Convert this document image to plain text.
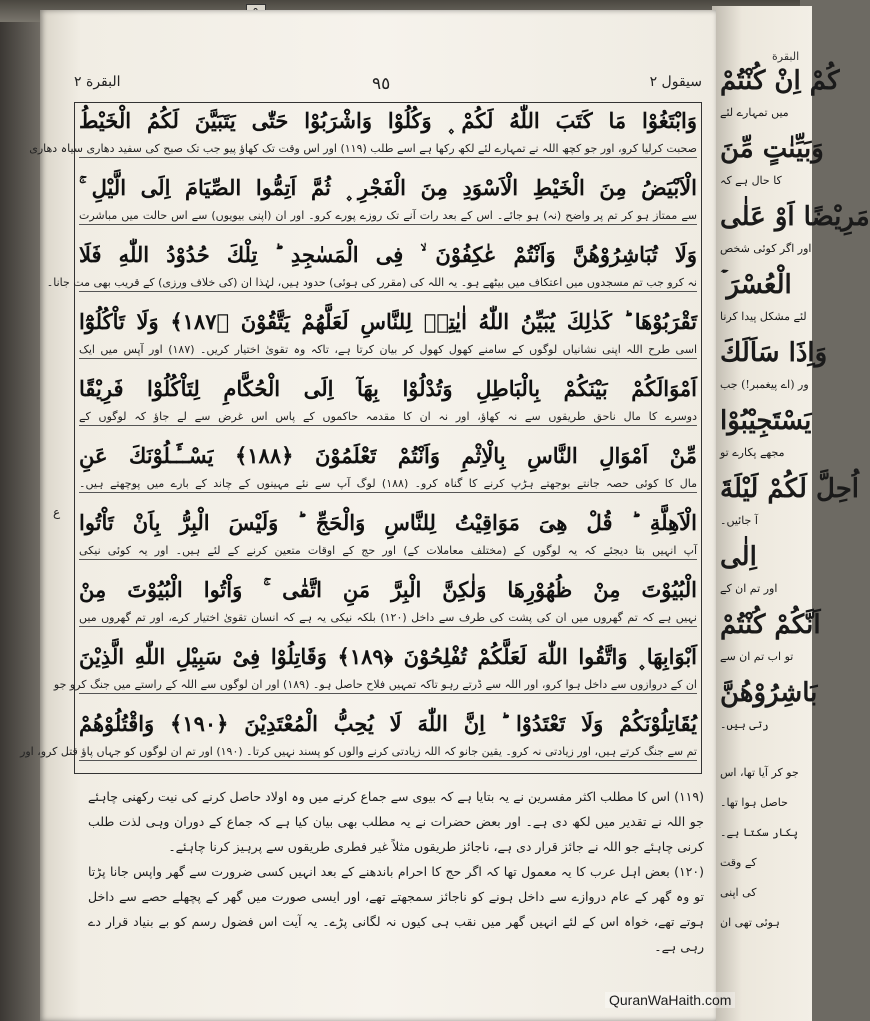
البقرة
كُمْ اِنْ كُنْتُمْ
میں تمہارے لئے
وَبَيِّنٰتٍ مِّنَ
کا حال ہے کہ
مَرِيْضًا اَوْ عَلٰى
اور اگر کوئی شخص
الْعُسْرَ ۡ
لئے مشکل پیدا کرنا
وَاِذَا سَاَلَكَ
ور (اے پیغمبر!) جب
يَسْتَجِيْبُوْا
مجھے پکارے تو
اُحِلَّ لَكُمْ لَيْلَةَ
آ جائیں۔
اِلٰى
اور تم ان کے
اَنَّكُمْ كُنْتُمْ
تو اب تم ان سے
بَاشِرُوْهُنَّ
رتی ہیں۔
جو کر آیا تھا، اس
حاصل ہوا تھا۔
پکار سکتا ہے۔
کے وقت
کی اپنی
ہوئی تھی ان
البقرة ٢	٩٥	سیقول ٢
وَابْتَغُوْا مَا كَتَبَ اللّٰهُ لَكُمْ ۪ وَكُلُوْا وَاشْرَبُوْا حَتّٰى يَتَبَيَّنَ لَكُمُ الْخَيْطُ
صحبت کرلیا کرو، اور جو کچھ اللہ نے تمہارے لئے لکھ رکھا ہے اسے طلب (۱۱۹) اور اس وقت تک کھاؤ پیو جب تک صبح کی سفید دھاری سیاہ دھاری
الْاَبْيَضُ مِنَ الْخَيْطِ الْاَسْوَدِ مِنَ الْفَجْرِ ۪ ثُمَّ اَتِمُّوا الصِّيَامَ اِلَى الَّيْلِ ۚ
سے ممتاز ہو کر تم پر واضح (نہ) ہو جائے۔ اس کے بعد رات آنے تک روزے پورے کرو۔ اور ان (اپنی بیویوں) سے اس حالت میں مباشرت
وَلَا تُبَاشِرُوْهُنَّ وَاَنْتُمْ عٰكِفُوْنَ ۙ فِى الْمَسٰجِدِ ؕ تِلْكَ حُدُوْدُ اللّٰهِ فَلَا
نہ کرو جب تم مسجدوں میں اعتکاف میں بیٹھے ہو۔ یہ اللہ کی (مقرر کی ہوئی) حدود ہیں، لہٰذا ان (کی خلاف ورزی) کے قریب بھی مت جانا۔
تَقْرَبُوْهَا ؕ كَذٰلِكَ يُبَيِّنُ اللّٰهُ اٰيٰتِهٖ لِلنَّاسِ لَعَلَّهُمْ يَتَّقُوْنَ ﴿۱۸۷﴾ وَلَا تَاْكُلُوْٓا
اسی طرح اللہ اپنی نشانیاں لوگوں کے سامنے کھول کھول کر بیان کرتا ہے، تاکہ وہ تقویٰ اختیار کریں۔ (۱۸۷) اور آپس میں ایک
اَمْوَالَكُمْ بَيْنَكُمْ بِالْبَاطِلِ وَتُدْلُوْا بِهَآ اِلَى الْحُكَّامِ لِتَاْكُلُوْا فَرِيْقًا
دوسرے کا مال ناحق طریقوں سے نہ کھاؤ، اور نہ ان کا مقدمہ حاکموں کے پاس اس غرض سے لے جاؤ کہ لوگوں کے
مِّنْ اَمْوَالِ النَّاسِ بِالْاِثْمِ وَاَنْتُمْ تَعْلَمُوْنَ ﴿۱۸۸﴾ يَسْــَٔـلُوْنَكَ عَنِ
مال کا کوئی حصہ جانتے بوجھتے ہڑپ کرنے کا گناہ کرو۔ (۱۸۸) لوگ آپ سے نئے مہینوں کے چاند کے بارے میں پوچھتے ہیں۔
الْاَهِلَّةِ ؕ قُلْ هِىَ مَوَاقِيْتُ لِلنَّاسِ وَالْحَجِّ ؕ وَلَيْسَ الْبِرُّ بِاَنْ تَاْتُوا
آپ انہیں بتا دیجئے کہ یہ لوگوں کے (مختلف معاملات کے) اور حج کے اوقات متعین کرنے کے لئے ہیں۔ اور یہ کوئی نیکی
الْبُيُوْتَ مِنْ ظُهُوْرِهَا وَلٰكِنَّ الْبِرَّ مَنِ اتَّقٰى ۚ وَاْتُوا الْبُيُوْتَ مِنْ
نہیں ہے کہ تم گھروں میں ان کی پشت کی طرف سے داخل (۱۲۰) بلکہ نیکی یہ ہے کہ انسان تقویٰ اختیار کرے، اور تم گھروں میں
اَبْوَابِهَا ۪ وَاتَّقُوا اللّٰهَ لَعَلَّكُمْ تُفْلِحُوْنَ ﴿۱۸۹﴾ وَقَاتِلُوْا فِىْ سَبِيْلِ اللّٰهِ الَّذِيْنَ
ان کے دروازوں سے داخل ہوا کرو، اور اللہ سے ڈرتے رہو تاکہ تمہیں فلاح حاصل ہو۔ (۱۸۹) اور ان لوگوں سے اللہ کے راستے میں جنگ کرو جو
يُقَاتِلُوْنَكُمْ وَلَا تَعْتَدُوْا ؕ اِنَّ اللّٰهَ لَا يُحِبُّ الْمُعْتَدِيْنَ ﴿۱۹۰﴾ وَاقْتُلُوْهُمْ
تم سے جنگ کرتے ہیں، اور زیادتی نہ کرو۔ یقین جانو کہ اللہ زیادتی کرنے والوں کو پسند نہیں کرتا۔ (۱۹۰) اور تم ان لوگوں کو جہاں پاؤ قتل کرو، اور
ع

(۱۱۹) اس کا مطلب اکثر مفسرین نے یہ بتایا ہے کہ بیوی سے جماع کرنے میں وہ اولاد حاصل کرنے کی نیت رکھنی چاہئے جو اللہ نے تقدیر میں لکھ دی ہے۔ اور بعض حضرات نے یہ مطلب بھی بیان کیا ہے کہ جماع کے دوران وہی لذت طلب کرنی چاہئے جو اللہ نے جائز قرار دی ہے، ناجائز طریقوں مثلاً غیر فطری طریقوں سے پرہیز کرنا چاہئے۔

(۱۲۰) بعض اہل عرب کا یہ معمول تھا کہ اگر حج کا احرام باندھنے کے بعد انہیں کسی ضرورت سے گھر واپس جانا پڑتا تو وہ گھر کے عام دروازے سے داخل ہونے کو ناجائز سمجھتے تھے، اور ایسی صورت میں گھر کے پچھلے حصے سے داخل ہوتے تھے، خواہ اس کے لئے انہیں گھر میں نقب ہی کیوں نہ لگانی پڑے۔ یہ آیت اس فضول رسم کو بے بنیاد قرار دے رہی ہے۔

QuranWaHaith.com
